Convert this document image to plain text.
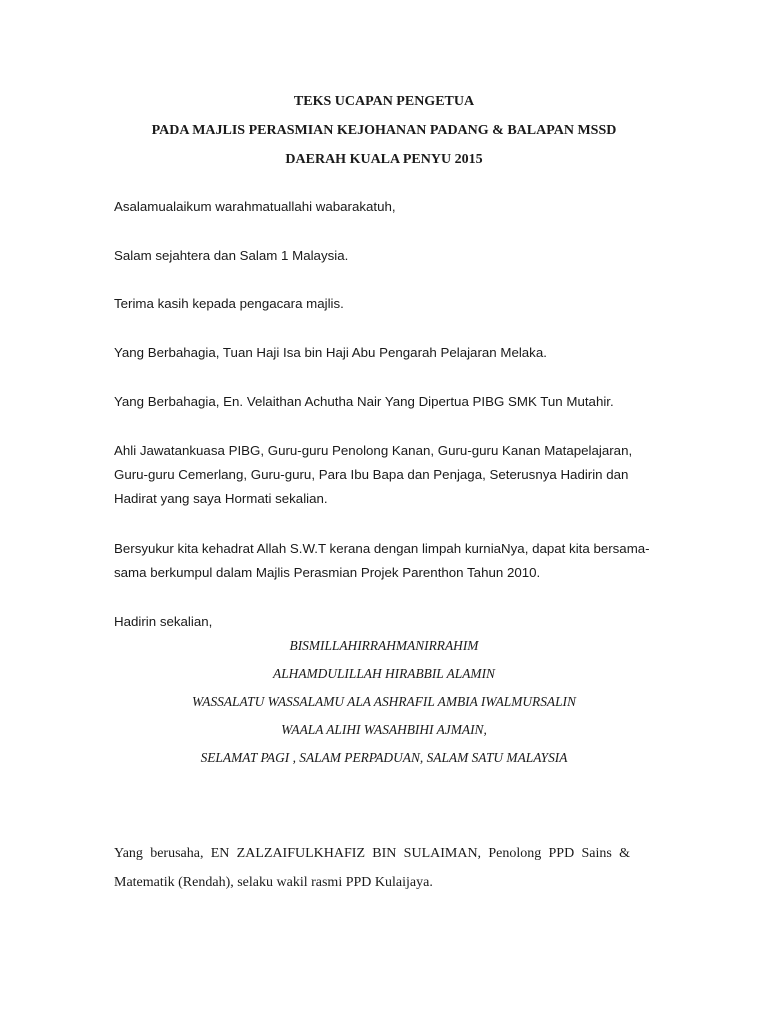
TEKS UCAPAN PENGETUA
PADA MAJLIS PERASMIAN KEJOHANAN PADANG & BALAPAN MSSD
DAERAH KUALA PENYU 2015

Asalamualaikum warahmatuallahi wabarakatuh,

Salam sejahtera dan Salam 1 Malaysia.

Terima kasih kepada pengacara majlis.

Yang Berbahagia, Tuan Haji Isa bin Haji Abu Pengarah Pelajaran Melaka.

Yang Berbahagia, En. Velaithan Achutha Nair Yang Dipertua PIBG SMK Tun Mutahir.

Ahli Jawatankuasa PIBG, Guru-guru Penolong Kanan, Guru-guru Kanan Matapelajaran, Guru-guru Cemerlang, Guru-guru, Para Ibu Bapa dan Penjaga, Seterusnya Hadirin dan Hadirat yang saya Hormati sekalian.

Bersyukur kita kehadrat Allah S.W.T kerana dengan limpah kurniaNya, dapat kita bersama-sama berkumpul dalam Majlis Perasmian Projek Parenthon Tahun 2010.

Hadirin sekalian,

BISMILLAHIRRAHMANIRRAHIM
ALHAMDULILLAH HIRABBIL ALAMIN
WASSALATU WASSALAMU ALA ASHRAFIL AMBIA IWALMURSALIN
WAALA ALIHI WASAHBIHI AJMAIN,
SELAMAT PAGI , SALAM PERPADUAN, SALAM SATU MALAYSIA

Yang berusaha, EN ZALZAIFULKHAFIZ BIN SULAIMAN, Penolong PPD Sains & Matematik (Rendah), selaku wakil rasmi PPD Kulaijaya.
